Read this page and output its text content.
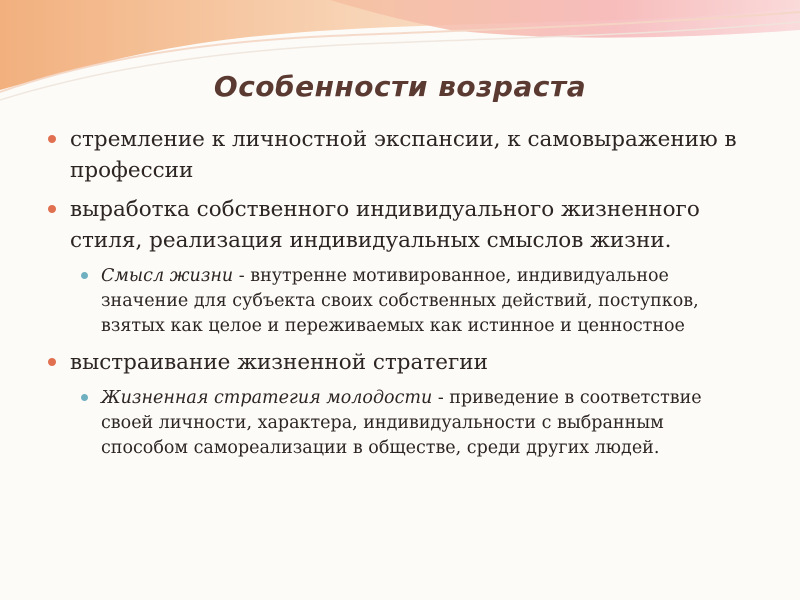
Особенности возраста
стремление к личностной экспансии, к самовыражению в профессии
выработка собственного индивидуального жизненного стиля, реализация индивидуальных смыслов жизни.
Смысл жизни - внутренне мотивированное, индивидуальное значение для субъекта своих собственных действий, поступков, взятых как целое и переживаемых как истинное и ценностное
выстраивание жизненной стратегии
Жизненная стратегия молодости - приведение в соответствие своей личности, характера, индивидуальности с выбранным способом самореализации в обществе, среди других людей.
